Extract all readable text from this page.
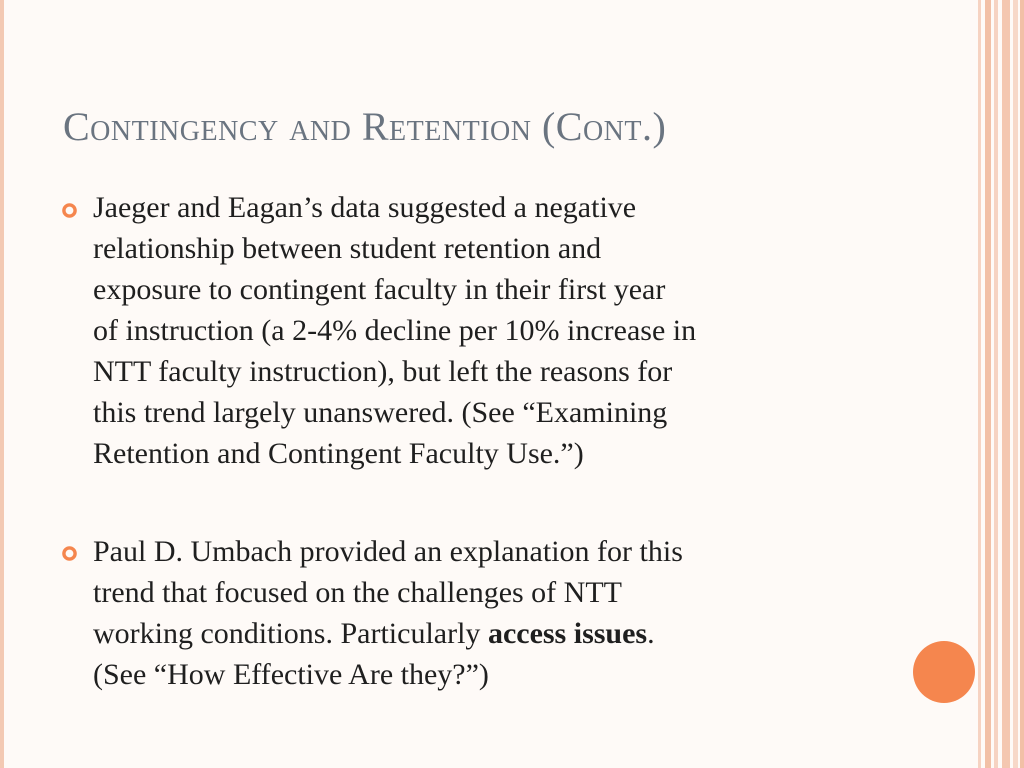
Contingency and Retention (Cont.)

Jaeger and Eagan’s data suggested a negative
relationship between student retention and
exposure to contingent faculty in their first year
of instruction (a 2-4% decline per 10% increase in
NTT faculty instruction), but left the reasons for
this trend largely unanswered. (See “Examining
Retention and Contingent Faculty Use.”)

Paul D. Umbach provided an explanation for this
trend that focused on the challenges of NTT
working conditions. Particularly access issues.
(See “How Effective Are they?”)
